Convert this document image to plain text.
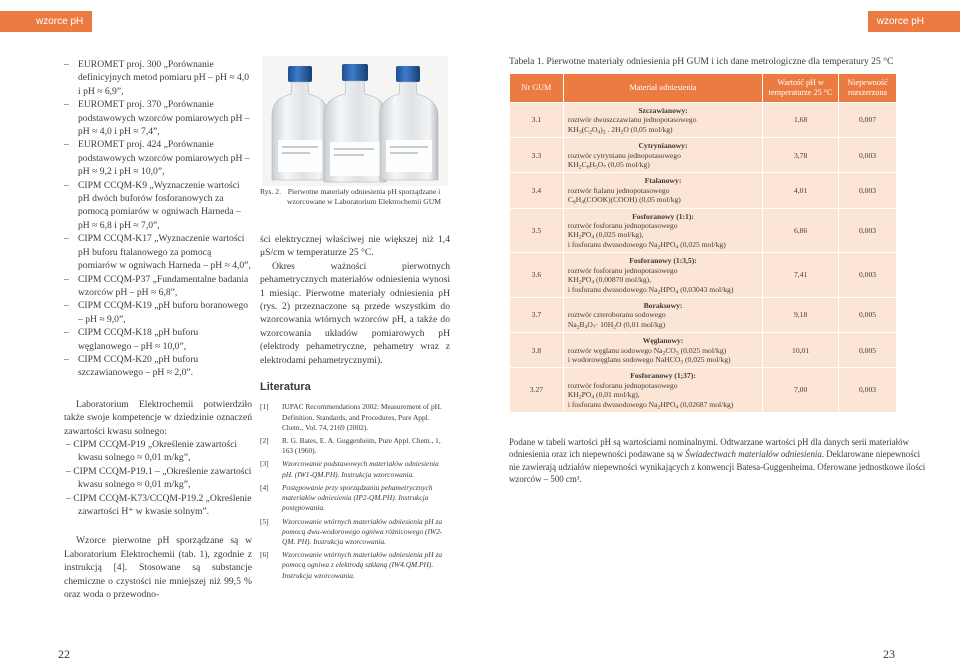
wzorce pH	wzorce pH
– EUROMET proj. 300 „Porównanie definicyjnych metod pomiaru pH – pH ≈ 4,0 i pH ≈ 6,9”,
– EUROMET proj. 370 „Porównanie podstawowych wzorców pomiarowych pH – pH ≈ 4,0 i pH ≈ 7,4”,
– EUROMET proj. 424 „Porównanie podstawowych wzorców pomiarowych pH – pH ≈ 9,2 i pH ≈ 10,0”,
– CIPM CCQM-K9 „Wyznaczenie wartości pH dwóch buforów fosforanowych za pomocą pomiarów w ogniwach Harneda – pH ≈ 6,8 i pH ≈ 7,0”,
– CIPM CCQM-K17 „Wyznaczenie wartości pH buforu ftalanowego za pomocą pomiarów w ogniwach Harneda – pH ≈ 4,0”,
– CIPM CCQM-P37 „Fundamentalne badania wzorców pH – pH ≈ 6,8”,
– CIPM CCQM-K19 „pH buforu boranowego – pH ≈ 9,0”,
– CIPM CCQM-K18 „pH buforu węglanowego – pH ≈ 10,0”,
– CIPM CCQM-K20 „pH buforu szczawianowego – pH ≈ 2,0”.

Laboratorium Elektrochemii potwierdziło także swoje kompetencje w dziedzinie oznaczeń zawartości kwasu solnego:

– CIPM CCQM-P19 „Określenie zawartości kwasu solnego ≈ 0,01 m/kg”,
– CIPM CCQM-P19.1 – „Określenie zawartości kwasu solnego ≈ 0,01 m/kg”,
– CIPM CCQM-K73/CCQM-P19.2 „Określenie zawartości H⁺ w kwasie solnym”.

Wzorce pierwotne pH sporządzane są w Laboratorium Elektrochemii (tab. 1), zgodnie z instrukcją [4]. Stosowane są substancje chemiczne o czystości nie mniejszej niż 99,5 % oraz woda o przewodno-

Rys. 2. Pierwotne materiały odniesienia pH sporządzane i wzorcowane w Laboratorium Elektrochemii GUM

ści elektrycznej właściwej nie większej niż 1,4 μS/cm w temperaturze 25 °C.

Okres ważności pierwotnych pehametrycznych materiałów odniesienia wynosi 1 miesiąc. Pierwotne materiały odniesienia pH (rys. 2) przeznaczone są przede wszystkim do wzorcowania wtórnych wzorców pH, a także do wzorcowania układów pomiarowych pH (elektrody pehametryczne, pehametry wraz z elektrodami pehametrycznymi).

Literatura
[1] IUPAC Recommendations 2002: Measurement of pH. Definition, Standards, and Procedures, Pure Appl. Chem., Vol. 74, 2169 (2002).
[2] R. G. Bates, E. A. Guggenheim, Pure Appl. Chem., 1, 163 (1960).
[3] Wzorcowanie podstawowych materiałów odniesienia pH. (IW1-QM.PH). Instrukcja wzorcowania.
[4] Postępowanie przy sporządzaniu pehametrycznych materiałów odniesienia (IP2-QM.PH). Instrukcja postępowania.
[5] Wzorcowanie wtórnych materiałów odniesienia pH za pomocą dwu-wodorowego ogniwa różnicowego (IW2-QM. PH). Instrukcja wzorcowania.
[6] Wzorcowanie wtórnych materiałów odniesienia pH za pomocą ogniwa z elektrodą szklaną (IW4.QM.PH). Instrukcja wzorcowania.
Tabela 1. Pierwotne materiały odniesienia pH GUM i ich dane metrologiczne dla temperatury 25 °C
Nr GUM	Materiał odniesienia	Wartość pH w temperaturze 25 °C	Niepewność rozszerzona
3.1	Szczawianowy:
roztwór dwuszczawianu jednopotasowego
$KH_3(C_2O_4)_2$ . $2H_2O$ (0,05 mol/kg)	1,68	0,007
3.3	Cytrynianowy:
roztwór cytrynianu jednopotasowego
$KH_2C_6H_5O_7$ (0,05 mol/kg)	3,78	0,003
3.4	Ftalanowy:
roztwór ftalanu jednopotasowego
$C_6H_4(COOK)(COOH)$ (0,05 mol/kg)	4,01	0,003
3.5	Fosforanowy (1:1):
roztwór fosforanu jednopotasowego
$KH_2PO_4$ (0,025 mol/kg),
i fosforanu dwusodowego $Na_2HPO_4$ (0,025 mol/kg)	6,86	0,003
3.6	Fosforanowy (1:3,5):
roztwór fosforanu jednopotasowego
$KH_2PO_4$ (0,00870 mol/kg),
i fosforanu dwusodowego $Na_2HPO_4$ (0,03043 mol/kg)	7,41	0,003
3.7	Boraksowy:
roztwór czteroboranu sodowego
$Na_2B_4O_7\cdot 10H_2O$ (0,01 mol/kg)	9,18	0,005
3.8	Węglanowy:
roztwór węglanu sodowego $Na_2CO_3$ (0,025 mol/kg)
i wodorowęglanu sodowego NaHCO$_3$ (0,025 mol/kg)	10,01	0,005
3.27	Fosforanowy (1;37):
roztwór fosforanu jednopotasowego
$KH_2PO_4$ (0,01 mol/kg),
i fosforanu dwusodowego $Na_2HPO_4$ (0,02687 mol/kg)	7,00	0,003

Podane w tabeli wartości pH są wartościami nominalnymi. Odtwarzane wartości pH dla danych serii materiałów odniesienia oraz ich niepewności podawane są w Świadectwach materiałów odniesienia. Deklarowane niepewności nie zawierają udziałów niepewności wynikających z konwencji Batesa-Guggenheima. Oferowane jednostkowe ilości wzorców – 500 cm³.

22	23
